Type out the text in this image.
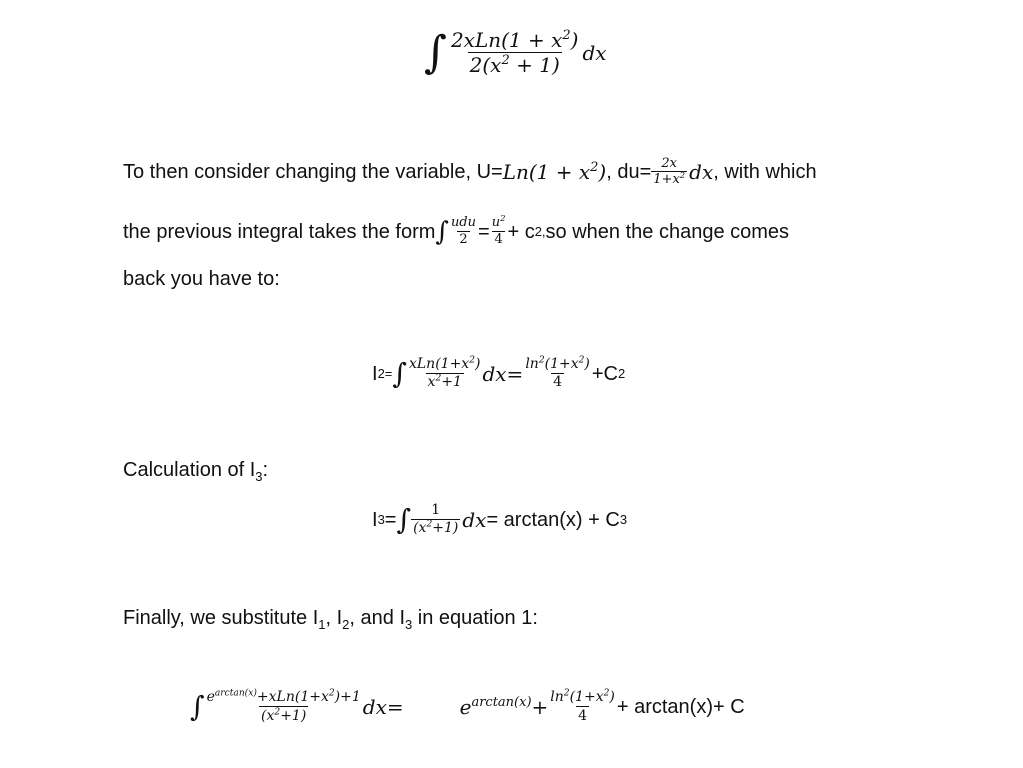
∫ $\frac{2xLn(1 + x^2)}{2(x^2 + 1)}$ dx
To then consider changing the variable, $U= Ln(1 + x^2)$ , $du= \frac{2x}{1+x^2}$ dx , with which
the previous integral takes the form ∫ $\frac{\text{udu}}{2} = \frac{u^2}{4} + c$ 2, so when the change comes
back you have to:
I 2= ∫ $\frac{xLn(1+x^2)}{x^2+1} dx= \frac{\ln^2(1+x^2)}{4} +C$ 2
Calculation of $I_3$:
I 3 = ∫ $\frac{1}{(x^2+1)}$ dx = arctan(x) + C 3
Finally, we substitute $I_1$, $I_2$, and $I_3$ in equation 1:
∫ $\frac{e^{arctan(x)}+xLn(1+x^2)+1}{(x^2+1)} dx=$	$e^{arctan(x)} + \frac{\ln^2(1+x^2)}{4} + \arctan(x)+ C$
